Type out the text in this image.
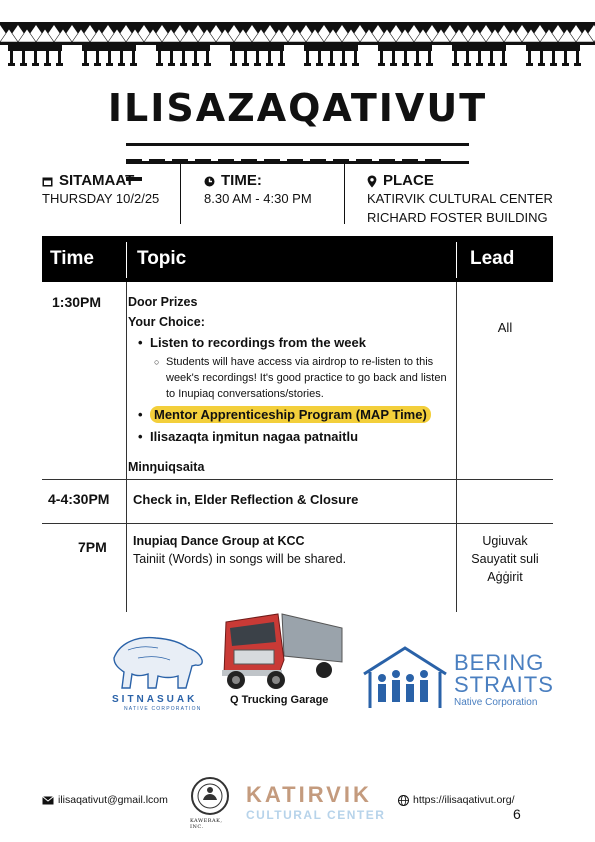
ILISAZAQATIVUT
SITAMAAT
THURSDAY 10/2/25
TIME:
8.30 AM - 4:30 PM
PLACE
KATIRVIK CULTURAL CENTER
RICHARD FOSTER BUILDING
Time	Topic	Lead
1:30PM Door Prizes
Your Choice:
• Listen to recordings from the week
○ Students will have access via airdrop to re-listen to this week's recordings! It's good practice to go back and listen to Inupiaq conversations/stories.
• Mentor Apprenticeship Program (MAP Time)
• Ilisazaqta iŋmitun nagaa patnaitlu
Minŋuiqsaita
All
4-4:30PM Check in, Elder Reflection & Closure
7PM Inupiaq Dance Group at KCC
Tainiit (Words) in songs will be shared.
Ugiuvak
Sauyatit suli
Aġġirit
SITNASUAK
NATIVE CORPORATION
Q Trucking Garage
BERING
STRAITS
Native Corporation
ilisaqativut@gmail.lcom
KAWERAK, INC.
KATIRVIK
CULTURAL CENTER
https://ilisaqativut.org/
6
